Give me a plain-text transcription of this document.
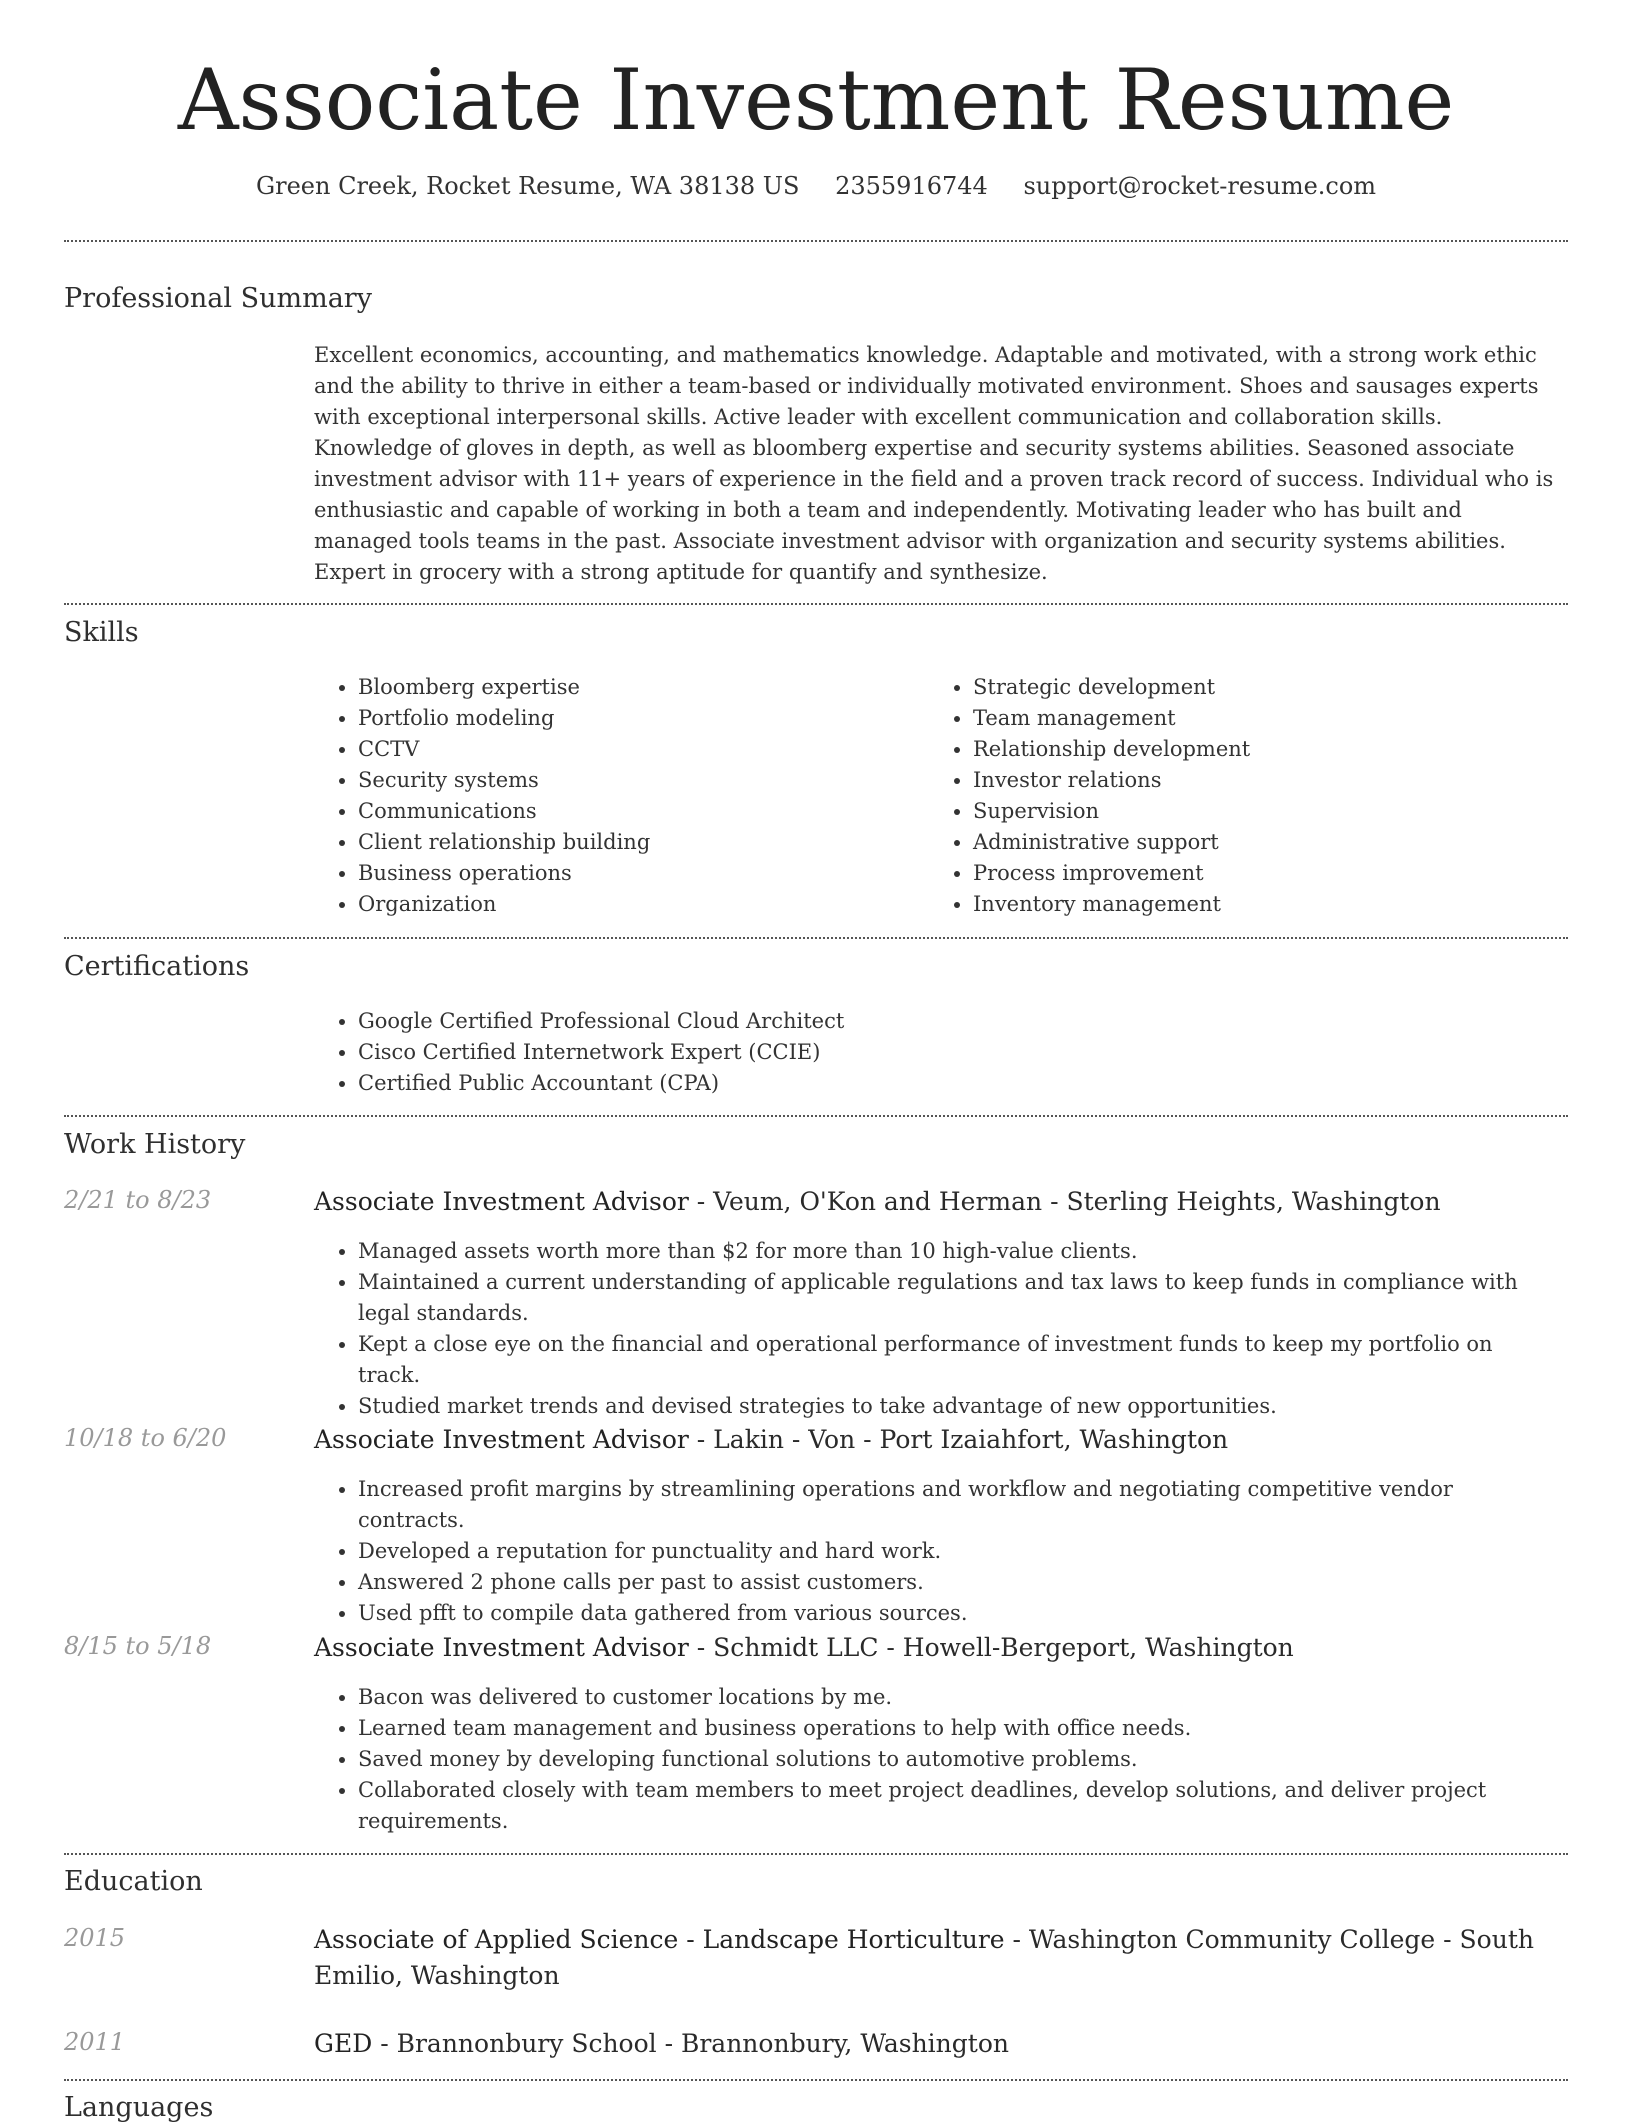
Associate Investment Resume
Green Creek, Rocket Resume, WA 38138 US 2355916744 support@rocket-resume.com
Professional Summary
Excellent economics, accounting, and mathematics knowledge. Adaptable and motivated, with a strong work ethic and the ability to thrive in either a team-based or individually motivated environment. Shoes and sausages experts with exceptional interpersonal skills. Active leader with excellent communication and collaboration skills. Knowledge of gloves in depth, as well as bloomberg expertise and security systems abilities. Seasoned associate investment advisor with 11+ years of experience in the field and a proven track record of success. Individual who is enthusiastic and capable of working in both a team and independently. Motivating leader who has built and managed tools teams in the past. Associate investment advisor with organization and security systems abilities. Expert in grocery with a strong aptitude for quantify and synthesize.
Skills
• Bloomberg expertise
• Portfolio modeling
• CCTV
• Security systems
• Communications
• Client relationship building
• Business operations
• Organization
• Strategic development
• Team management
• Relationship development
• Investor relations
• Supervision
• Administrative support
• Process improvement
• Inventory management
Certifications
• Google Certified Professional Cloud Architect
• Cisco Certified Internetwork Expert (CCIE)
• Certified Public Accountant (CPA)
Work History
2/21 to 8/23	Associate Investment Advisor - Veum, O'Kon and Herman - Sterling Heights, Washington
• Managed assets worth more than $2 for more than 10 high-value clients.
• Maintained a current understanding of applicable regulations and tax laws to keep funds in compliance with legal standards.
• Kept a close eye on the financial and operational performance of investment funds to keep my portfolio on track.
• Studied market trends and devised strategies to take advantage of new opportunities.
10/18 to 6/20	Associate Investment Advisor - Lakin - Von - Port Izaiahfort, Washington
• Increased profit margins by streamlining operations and workflow and negotiating competitive vendor contracts.
• Developed a reputation for punctuality and hard work.
• Answered 2 phone calls per past to assist customers.
• Used pfft to compile data gathered from various sources.
8/15 to 5/18	Associate Investment Advisor - Schmidt LLC - Howell-Bergeport, Washington
• Bacon was delivered to customer locations by me.
• Learned team management and business operations to help with office needs.
• Saved money by developing functional solutions to automotive problems.
• Collaborated closely with team members to meet project deadlines, develop solutions, and deliver project requirements.
Education
2015	Associate of Applied Science - Landscape Horticulture - Washington Community College - South Emilio, Washington
2011	GED - Brannonbury School - Brannonbury, Washington
Languages
